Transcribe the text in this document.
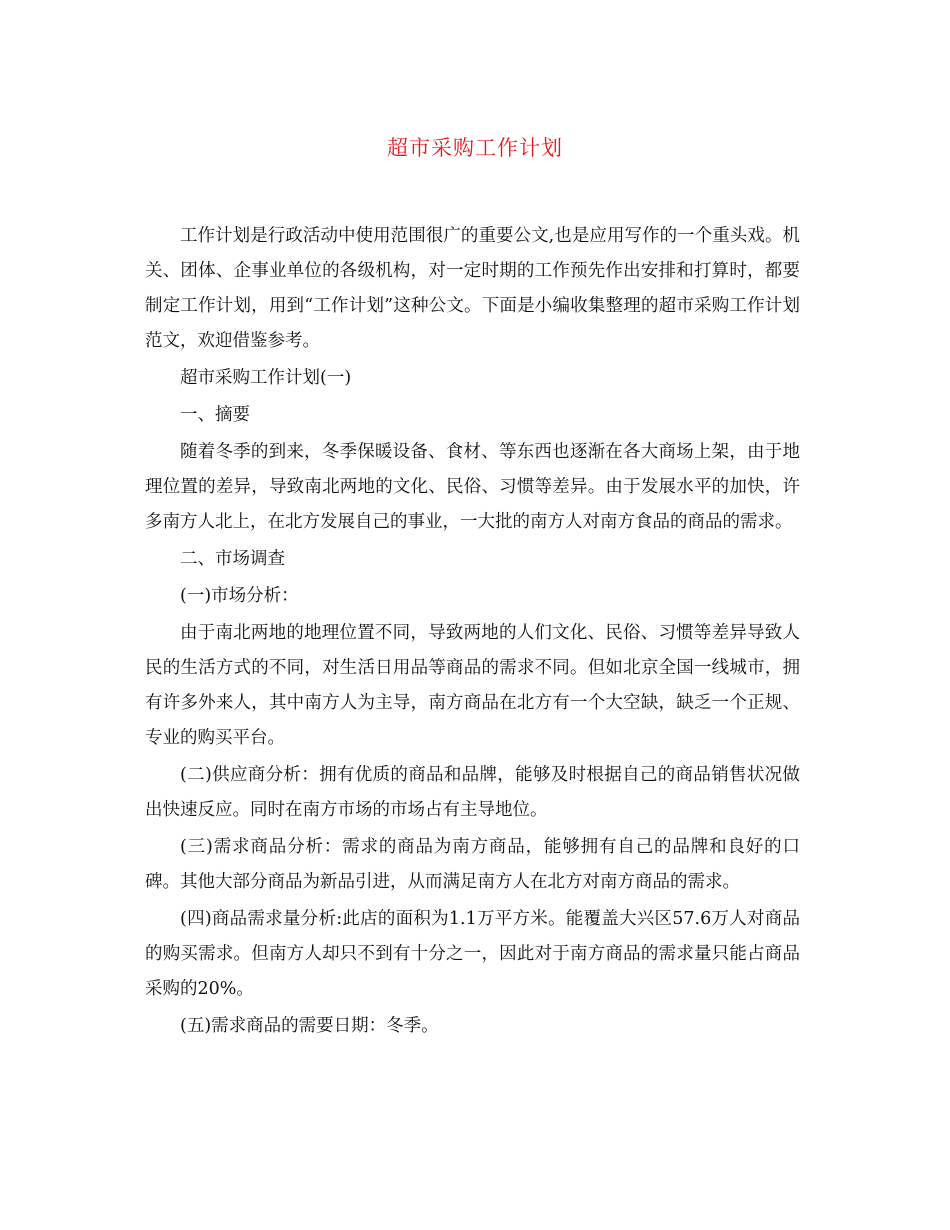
超市采购工作计划

工作计划是行政活动中使用范围很广的重要公文,也是应用写作的一个重头戏。机关、团体、企事业单位的各级机构，对一定时期的工作预先作出安排和打算时，都要制定工作计划，用到“工作计划”这种公文。下面是小编收集整理的超市采购工作计划范文，欢迎借鉴参考。

超市采购工作计划(一)

一、摘要

随着冬季的到来，冬季保暖设备、食材、等东西也逐渐在各大商场上架，由于地理位置的差异，导致南北两地的文化、民俗、习惯等差异。由于发展水平的加快，许多南方人北上，在北方发展自己的事业，一大批的南方人对南方食品的商品的需求。

二、市场调查

(一)市场分析：

由于南北两地的地理位置不同，导致两地的人们文化、民俗、习惯等差异导致人民的生活方式的不同，对生活日用品等商品的需求不同。但如北京全国一线城市，拥有许多外来人，其中南方人为主导，南方商品在北方有一个大空缺，缺乏一个正规、专业的购买平台。

(二)供应商分析：拥有优质的商品和品牌，能够及时根据自己的商品销售状况做出快速反应。同时在南方市场的市场占有主导地位。

(三)需求商品分析：需求的商品为南方商品，能够拥有自己的品牌和良好的口碑。其他大部分商品为新品引进，从而满足南方人在北方对南方商品的需求。

(四)商品需求量分析:此店的面积为1.1万平方米。能覆盖大兴区57.6万人对商品的购买需求。但南方人却只不到有十分之一，因此对于南方商品的需求量只能占商品采购的20%。

(五)需求商品的需要日期：冬季。
